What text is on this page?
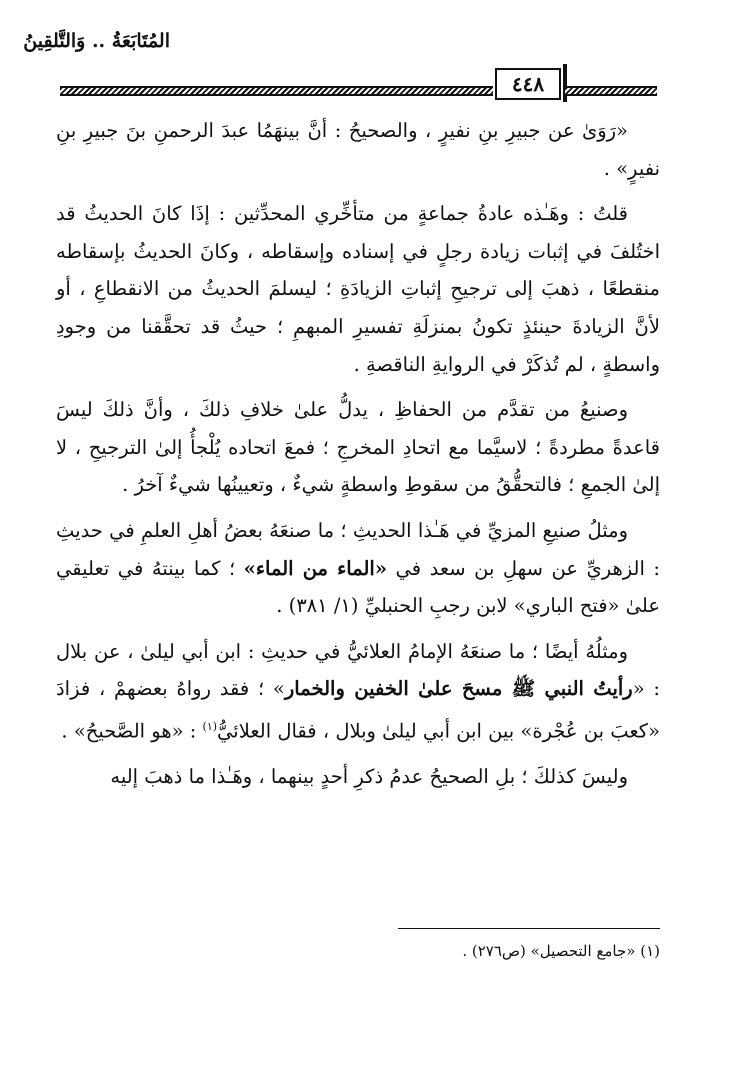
المُتَابَعَةُ .. وَالتَّلقِينُ
٤٤٨

«رَوَىٰ عن جبيرِ بنِ نفيرٍ ، والصحيحُ : أنَّ بينهَمُا عبدَ الرحمنِ بنَ جبيرِ بنِ نفيرٍ» .

قلتُ : وهَـٰذه عادةُ جماعةٍ من متأخِّري المحدِّثين : إذَا كانَ الحديثُ قد اختُلفَ في إثبات زيادة رجلٍ في إسناده وإسقاطه ، وكانَ الحديثُ بإسقاطه منقطعًا ، ذهبَ إلى ترجيحِ إثباتِ الزيادَةِ ؛ ليسلمَ الحديثُ من الانقطاعِ ، أو لأنَّ الزيادةَ حينئذٍ تكونُ بمنزلَةِ تفسيرِ المبهمِ ؛ حيثُ قد تحقَّقنا من وجودِ واسطةٍ ، لم تُذكَرْ في الروايةِ الناقصةِ .

وصنيعُ من تقدَّم من الحفاظِ ، يدلُّ علىٰ خلافِ ذلكَ ، وأنَّ ذلكَ ليسَ قاعدةً مطردةً ؛ لاسيَّما مع اتحادِ المخرجِ ؛ فمعَ اتحاده يُلْجأُ إلىٰ الترجيحِ ، لا إلىٰ الجمعِ ؛ فالتحقُّقُ من سقوطِ واسطةٍ شيءٌ ، وتعيينُها شيءٌ آخرُ .

ومثلُ صنيعِ المزيِّ في هَـٰذا الحديثِ ؛ ما صنعَهُ بعضُ أهلِ العلمِ في حديثِ : الزهريِّ عن سهلِ بن سعد في «الماء من الماء» ؛ كما بينتهُ في تعليقي علىٰ «فتح الباري» لابن رجبِ الحنبليِّ (١/ ٣٨١) .

ومثلُهُ أيضًا ؛ ما صنعَهُ الإمامُ العلائيُّ في حديثِ : ابن أبي ليلىٰ ، عن بلال : «رأيتُ النبي ﷺ مسحَ علىٰ الخفين والخمار» ؛ فقد رواهُ بعضهمْ ، فزادَ «كعبَ بن عُجْرة» بين ابن أبي ليلىٰ وبلال ، فقال العلائيُّ$^{(١)}$ : «هو الصَّحيحُ» .

وليسَ كذلكَ ؛ بلِ الصحيحُ عدمُ ذكرِ أحدٍ بينهما ، وهَـٰذا ما ذهبَ إليه

(١) «جامع التحصيل» (ص٢٧٦) .
